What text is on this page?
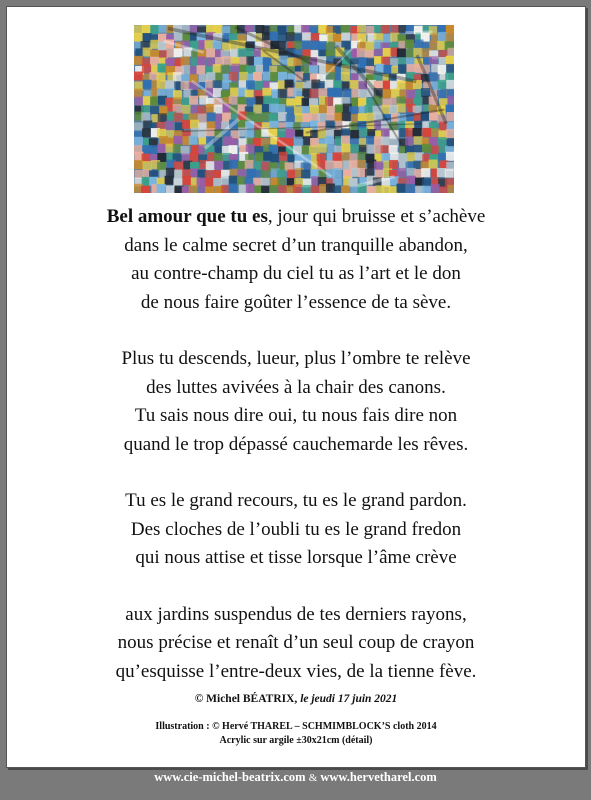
Bel amour que tu es, jour qui bruisse et s’achève
dans le calme secret d’un tranquille abandon,
au contre-champ du ciel tu as l’art et le don
de nous faire goûter l’essence de ta sève.
Plus tu descends, lueur, plus l’ombre te relève
des luttes avivées à la chair des canons.
Tu sais nous dire oui, tu nous fais dire non
quand le trop dépassé cauchemarde les rêves.
Tu es le grand recours, tu es le grand pardon.
Des cloches de l’oubli tu es le grand fredon
qui nous attise et tisse lorsque l’âme crève
aux jardins suspendus de tes derniers rayons,
nous précise et renaît d’un seul coup de crayon
qu’esquisse l’entre-deux vies, de la tienne fève.
© Michel BÉATRIX, le jeudi 17 juin 2021
Illustration : © Hervé THAREL – SCHMIMBLOCK’S cloth 2014
Acrylic sur argile ±30x21cm (détail)
www.cie-michel-beatrix.com & www.hervetharel.com
